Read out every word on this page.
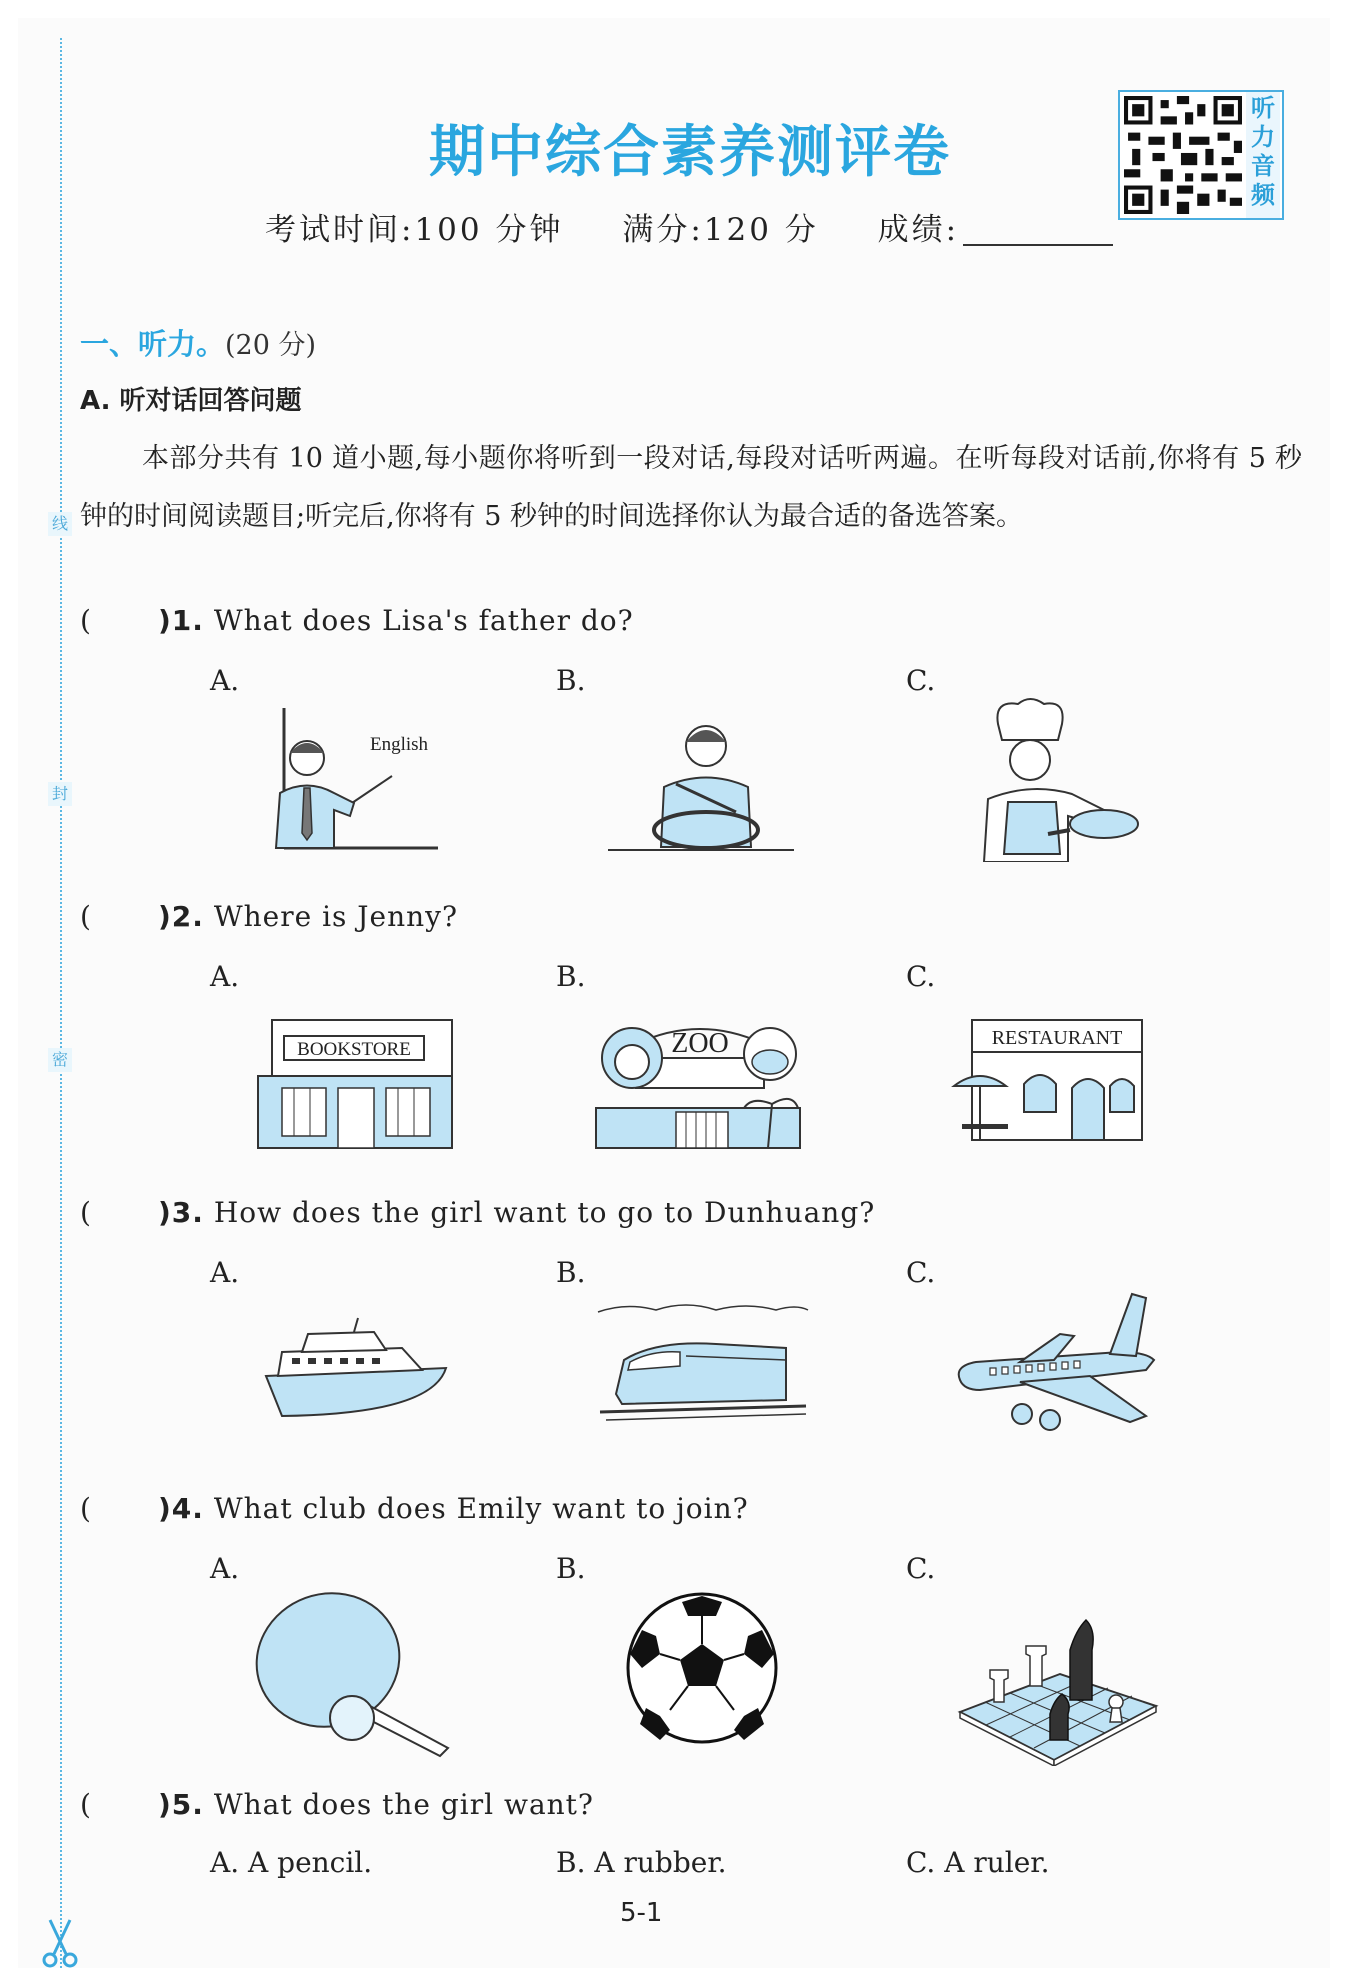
线
封
密
期中综合素养测评卷
听
力
音
频
考试时间:100 分钟 满分:120 分 成绩:
一、听力。(20 分)
A. 听对话回答问题
本部分共有 10 道小题,每小题你将听到一段对话,每段对话听两遍。在听每段对话前,你将有 5 秒钟的时间阅读题目;听完后,你将有 5 秒钟的时间选择你认为最合适的备选答案。
( )1. What does Lisa's father do?
A.	B.	C.
English
( )2. Where is Jenny?
A.	B.	C.
BOOKSTORE	ZOO	RESTAURANT
( )3. How does the girl want to go to Dunhuang?
A.	B.	C.
( )4. What club does Emily want to join?
A.	B.	C.
( )5. What does the girl want?
A. A pencil.	B. A rubber.	C. A ruler.
5-1
